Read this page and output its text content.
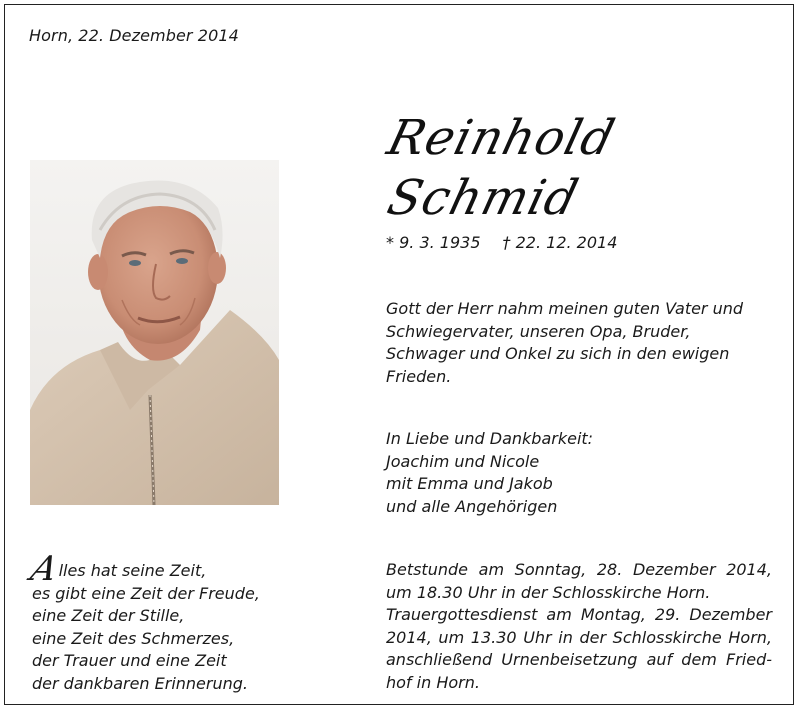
Horn, 22. Dezember 2014
Reinhold
Schmid
* 9. 3. 1935 † 22. 12. 2014
Gott der Herr nahm meinen guten Vater und
Schwiegervater, unseren Opa, Bruder,
Schwager und Onkel zu sich in den ewigen
Frieden.
In Liebe und Dankbarkeit:
Joachim und Nicole
mit Emma und Jakob
und alle Angehörigen
Alles hat seine Zeit,
es gibt eine Zeit der Freude,
eine Zeit der Stille,
eine Zeit des Schmerzes,
der Trauer und eine Zeit
der dankbaren Erinnerung.
Betstunde am Sonntag, 28. Dezember 2014,
um 18.30 Uhr in der Schlosskirche Horn.
Trauergottesdienst am Montag, 29. Dezember
2014, um 13.30 Uhr in der Schlosskirche Horn,
anschließend Urnenbeisetzung auf dem Fried-
hof in Horn.
